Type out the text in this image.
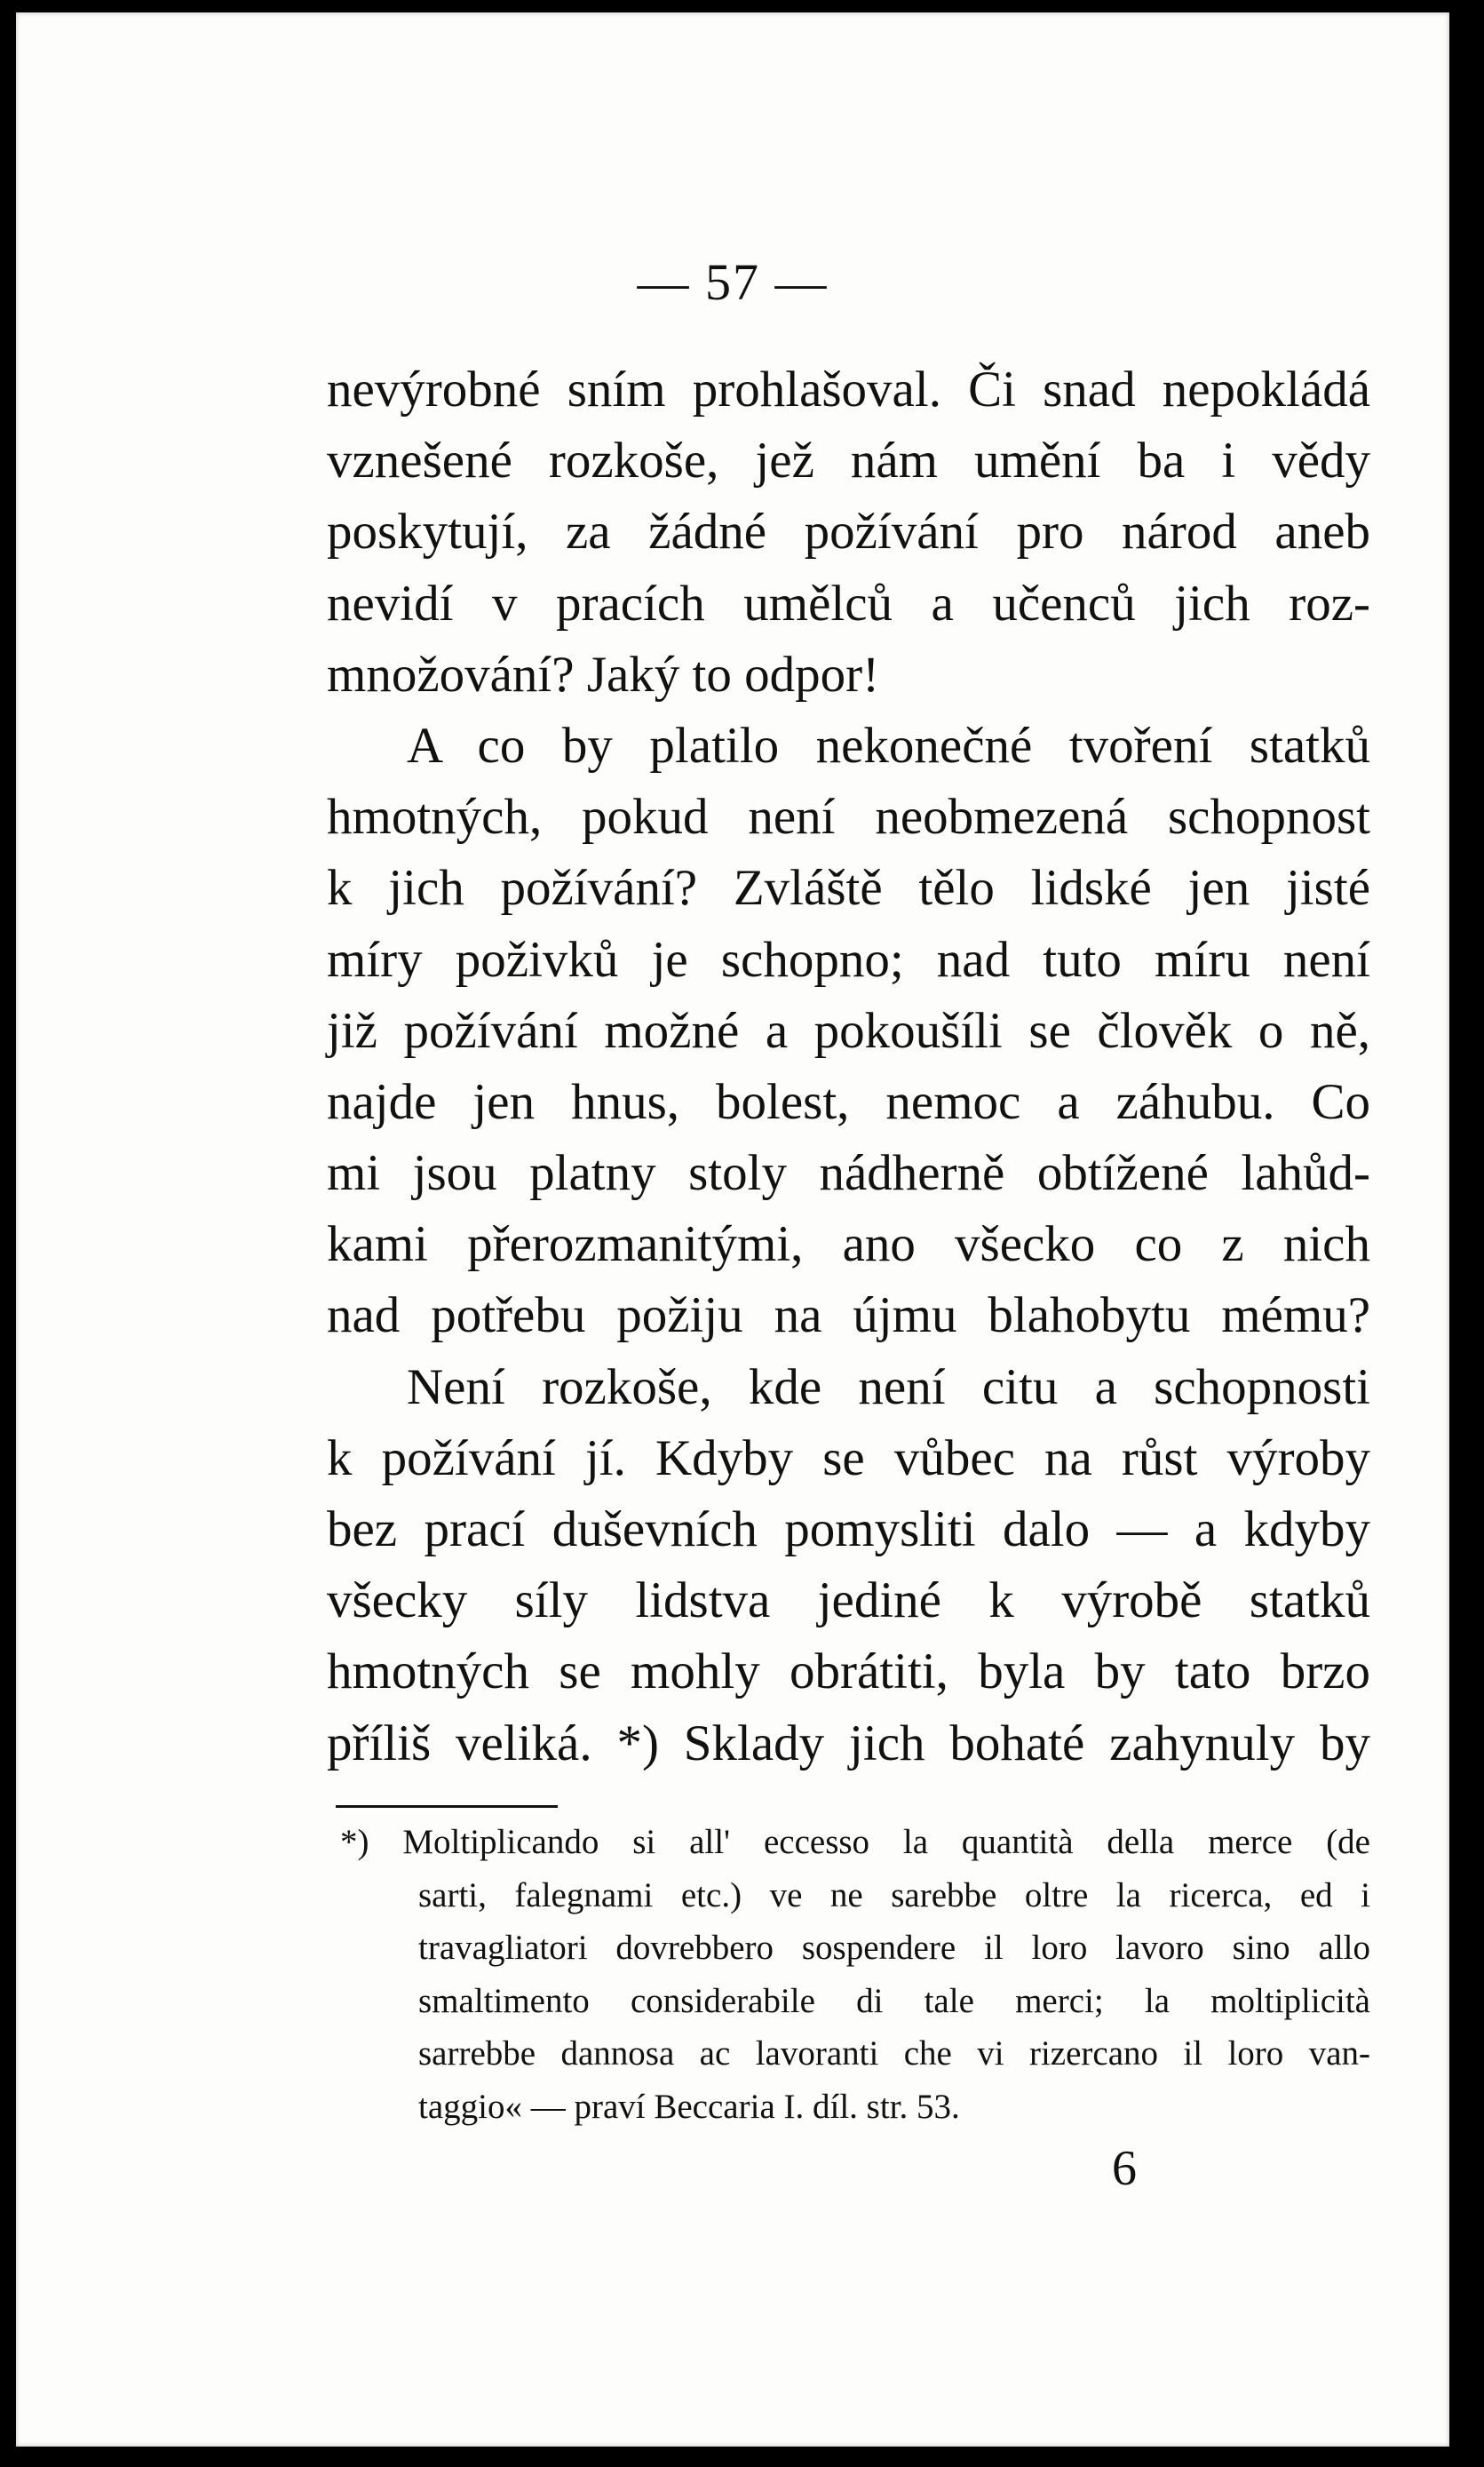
— 57 —
nevýrobné sním prohlašoval. Či snad nepokládá
vznešené rozkoše, jež nám umění ba i vědy
poskytují, za žádné požívání pro národ aneb
nevidí v pracích umělců a učenců jich roz-
množování? Jaký to odpor!
A co by platilo nekonečné tvoření statků
hmotných, pokud není neobmezená schopnost
k jich požívání? Zvláště tělo lidské jen jisté
míry poživků je schopno; nad tuto míru není
již požívání možné a pokoušíli se člověk o ně,
najde jen hnus, bolest, nemoc a záhubu. Co
mi jsou platny stoly nádherně obtížené lahůd-
kami přerozmanitými, ano všecko co z nich
nad potřebu požiju na újmu blahobytu mému?
Není rozkoše, kde není citu a schopnosti
k požívání jí. Kdyby se vůbec na růst výroby
bez prací duševních pomysliti dalo — a kdyby
všecky síly lidstva jediné k výrobě statků
hmotných se mohly obrátiti, byla by tato brzo
příliš veliká. *) Sklady jich bohaté zahynuly by
*) Moltiplicando si all' eccesso la quantità della merce (de
sarti, falegnami etc.) ve ne sarebbe oltre la ricerca, ed i
travagliatori dovrebbero sospendere il loro lavoro sino allo
smaltimento considerabile di tale merci; la moltiplicità
sarrebbe dannosa ac lavoranti che vi rizercano il loro van-
taggio« — praví Beccaria I. díl. str. 53.
6
